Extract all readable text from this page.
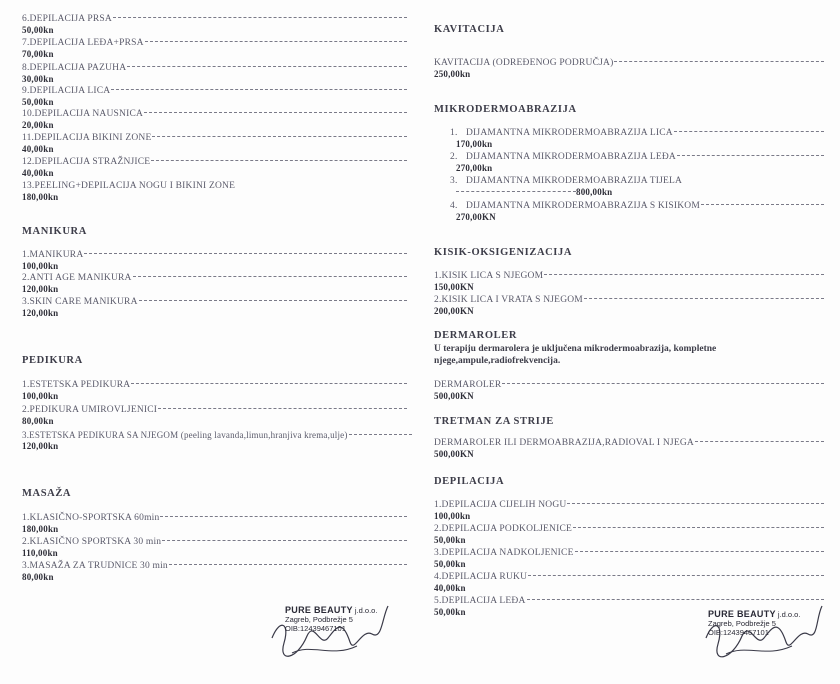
6.DEPILACIJA PRSA
50,00kn
7.DEPILACIJA LEĐA+PRSA
70,00kn
8.DEPILACIJA PAZUHA
30,00kn
9.DEPILACIJA LICA
50,00kn
10.DEPILACIJA NAUSNICA
20,00kn
11.DEPILACIJA BIKINI ZONE
40,00kn
12.DEPILACIJA STRAŽNJICE
40,00kn
13.PEELING+DEPILACIJA NOGU I BIKINI ZONE
180,00kn
MANIKURA
1.MANIKURA
100,00kn
2.ANTI AGE MANIKURA
120,00kn
3.SKIN CARE MANIKURA
120,00kn
PEDIKURA
1.ESTETSKA PEDIKURA
100,00kn
2.PEDIKURA UMIROVLJENICI
80,00kn
3.ESTETSKA PEDIKURA SA NJEGOM (peeling lavanda,limun,hranjiva krema,ulje)
120,00kn
MASAŽA
1.KLASIČNO-SPORTSKA 60min
180,00kn
2.KLASIČNO SPORTSKA 30 min
110,00kn
3.MASAŽA ZA TRUDNICE 30 min
80,00kn
PURE BEAUTY j.d.o.o.
Zagreb, Podbrežje 5
OIB:12439467101
KAVITACIJA
KAVITACIJA (ODREĐENOG PODRUČJA)
250,00kn
MIKRODERMOABRAZIJA
1. DIJAMANTNA MIKRODERMOABRAZIJA LICA
170,00kn
2. DIJAMANTNA MIKRODERMOABRAZIJA LEĐA
270,00kn
3. DIJAMANTNA MIKRODERMOABRAZIJA TIJELA
800,00kn
4. DIJAMANTNA MIKRODERMOABRAZIJA S KISIKOM
270,00KN
KISIK-OKSIGENIZACIJA
1.KISIK LICA S NJEGOM
150,00KN
2.KISIK LICA I VRATA S NJEGOM
200,00KN
DERMAROLER
U terapiju dermarolera je uključena mikrodermoabrazija, kompletne njege,ampule,radiofrekvencija.
DERMAROLER
500,00KN
TRETMAN ZA STRIJE
DERMAROLER ILI DERMOABRAZIJA,RADIOVAL I NJEGA
500,00KN
DEPILACIJA
1.DEPILACIJA CIJELIH NOGU
100,00kn
2.DEPILACIJA PODKOLJENICE
50,00kn
3.DEPILACIJA NADKOLJENICE
50,00kn
4.DEPILACIJA RUKU
40,00kn
5.DEPILACIJA LEĐA
50,00kn	PURE BEAUTY j.d.o.o.
Zagreb, Podbrežje 5
OIB:12439467101
